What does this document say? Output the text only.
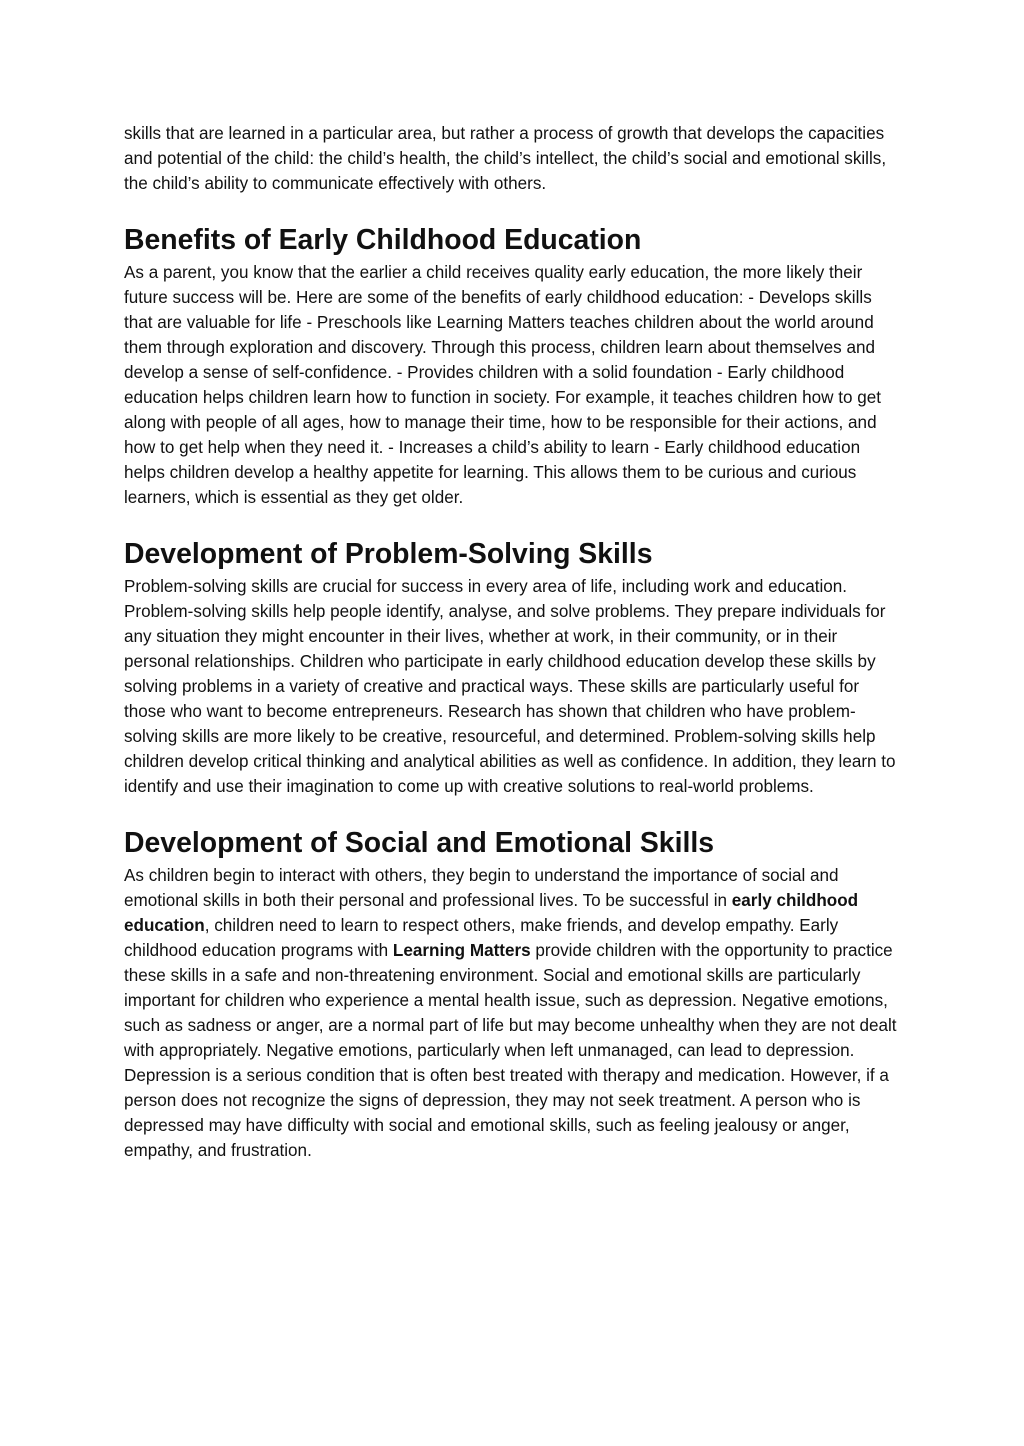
skills that are learned in a particular area, but rather a process of growth that develops the capacities and potential of the child: the child’s health, the child’s intellect, the child’s social and emotional skills, the child’s ability to communicate effectively with others.

Benefits of Early Childhood Education

As a parent, you know that the earlier a child receives quality early education, the more likely their future success will be. Here are some of the benefits of early childhood education: - Develops skills that are valuable for life - Preschools like Learning Matters teaches children about the world around them through exploration and discovery. Through this process, children learn about themselves and develop a sense of self-confidence. - Provides children with a solid foundation - Early childhood education helps children learn how to function in society. For example, it teaches children how to get along with people of all ages, how to manage their time, how to be responsible for their actions, and how to get help when they need it. - Increases a child’s ability to learn - Early childhood education helps children develop a healthy appetite for learning. This allows them to be curious and curious learners, which is essential as they get older.

Development of Problem-Solving Skills

Problem-solving skills are crucial for success in every area of life, including work and education. Problem-solving skills help people identify, analyse, and solve problems. They prepare individuals for any situation they might encounter in their lives, whether at work, in their community, or in their personal relationships. Children who participate in early childhood education develop these skills by solving problems in a variety of creative and practical ways. These skills are particularly useful for those who want to become entrepreneurs. Research has shown that children who have problem-solving skills are more likely to be creative, resourceful, and determined. Problem-solving skills help children develop critical thinking and analytical abilities as well as confidence. In addition, they learn to identify and use their imagination to come up with creative solutions to real-world problems.

Development of Social and Emotional Skills

As children begin to interact with others, they begin to understand the importance of social and emotional skills in both their personal and professional lives. To be successful in early childhood education, children need to learn to respect others, make friends, and develop empathy. Early childhood education programs with Learning Matters provide children with the opportunity to practice these skills in a safe and non-threatening environment. Social and emotional skills are particularly important for children who experience a mental health issue, such as depression. Negative emotions, such as sadness or anger, are a normal part of life but may become unhealthy when they are not dealt with appropriately. Negative emotions, particularly when left unmanaged, can lead to depression. Depression is a serious condition that is often best treated with therapy and medication. However, if a person does not recognize the signs of depression, they may not seek treatment. A person who is depressed may have difficulty with social and emotional skills, such as feeling jealousy or anger, empathy, and frustration.
